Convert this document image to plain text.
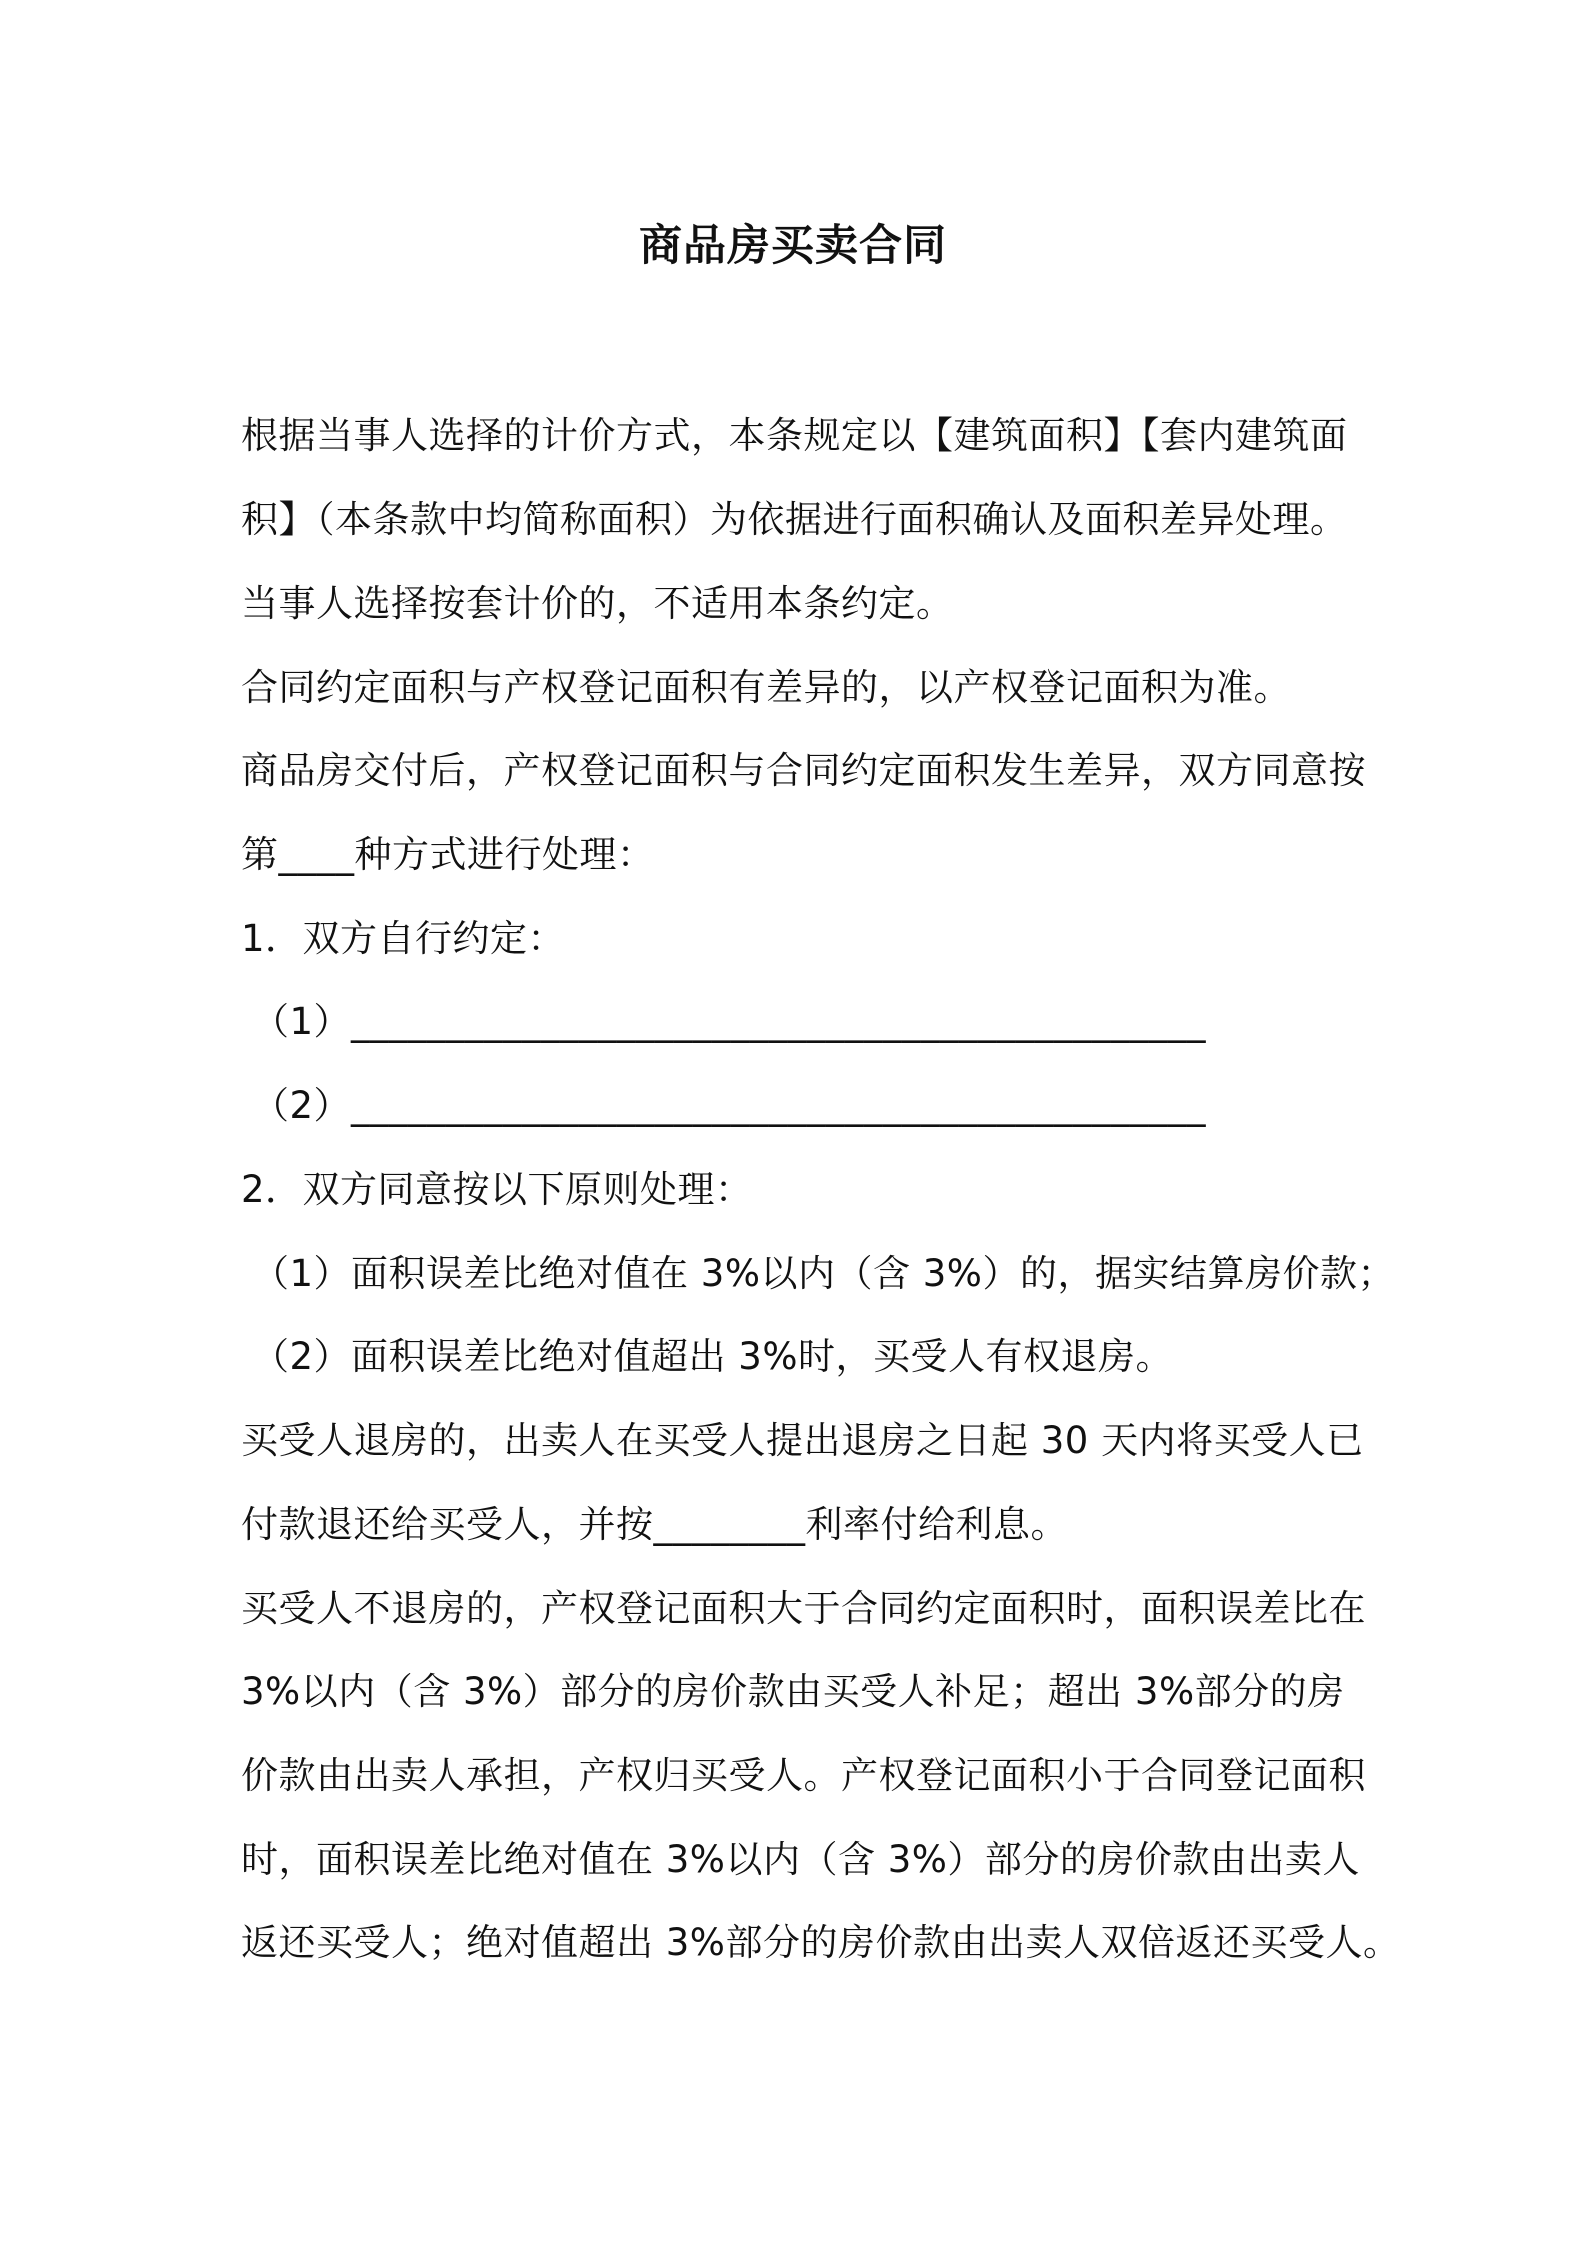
商品房买卖合同

根据当事人选择的计价方式，本条规定以【建筑面积】【套内建筑面

积】（本条款中均简称面积）为依据进行面积确认及面积差异处理。

当事人选择按套计价的，不适用本条约定。

合同约定面积与产权登记面积有差异的，以产权登记面积为准。

商品房交付后，产权登记面积与合同约定面积发生差异，双方同意按

第____种方式进行处理：

1．双方自行约定：

（1）_____________________________________________

（2）_____________________________________________

2．双方同意按以下原则处理：

（1）面积误差比绝对值在 3%以内（含 3%）的，据实结算房价款；

（2）面积误差比绝对值超出 3%时，买受人有权退房。

买受人退房的，出卖人在买受人提出退房之日起 30 天内将买受人已

付款退还给买受人，并按________利率付给利息。

买受人不退房的，产权登记面积大于合同约定面积时，面积误差比在

3%以内（含 3%）部分的房价款由买受人补足；超出 3%部分的房

价款由出卖人承担，产权归买受人。产权登记面积小于合同登记面积

时，面积误差比绝对值在 3%以内（含 3%）部分的房价款由出卖人

返还买受人；绝对值超出 3%部分的房价款由出卖人双倍返还买受人。
